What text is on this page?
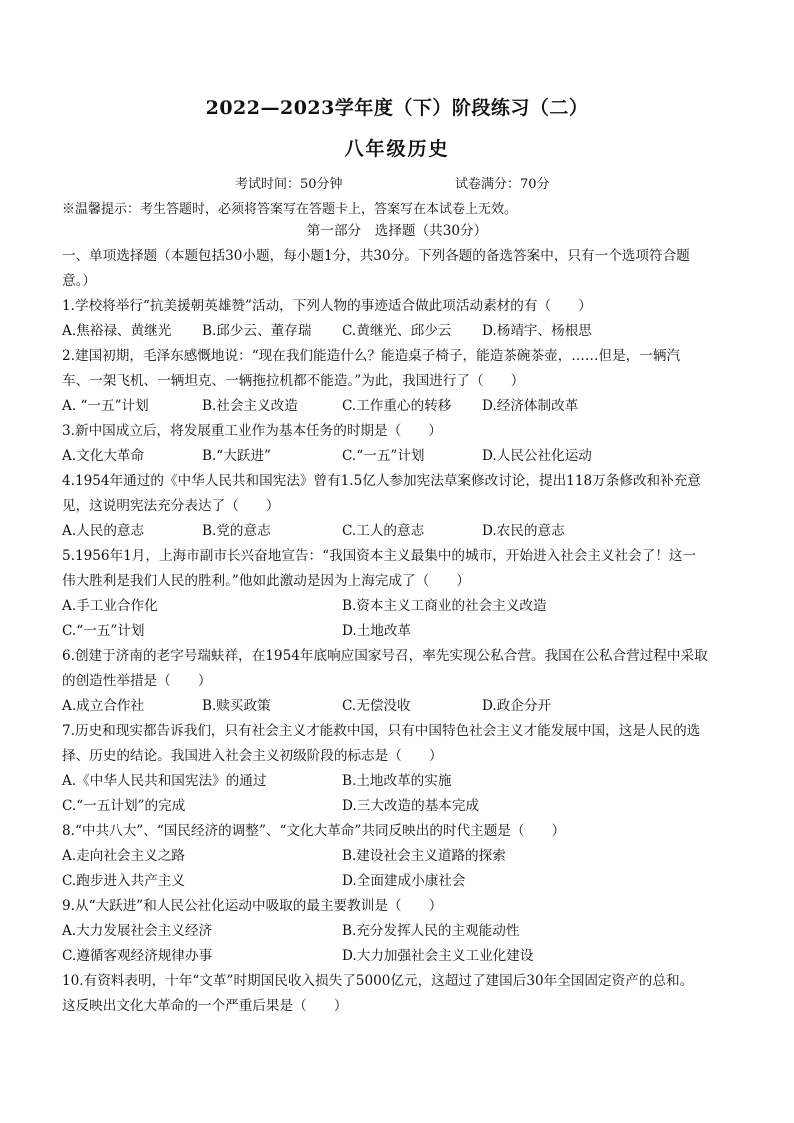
2022—2023学年度（下）阶段练习（二）
八年级历史
考试时间：50分钟	试卷满分：70分
※温馨提示：考生答题时，必须将答案写在答题卡上，答案写在本试卷上无效。
第一部分　选择题（共30分）
一、单项选择题（本题包括30小题，每小题1分，共30分。下列各题的备选答案中，只有一个选项符合题
意。）
1.学校将举行“抗美援朝英雄赞”活动，下列人物的事迹适合做此项活动素材的有（　　）
A.焦裕禄、黄继光	B.邱少云、董存瑞	C.黄继光、邱少云	D.杨靖宇、杨根思
2.建国初期，毛泽东感慨地说：“现在我们能造什么？能造桌子椅子，能造茶碗茶壶，……但是，一辆汽
车、一架飞机、一辆坦克、一辆拖拉机都不能造。”为此，我国进行了（　　）
A. “一五”计划	B.社会主义改造	C.工作重心的转移	D.经济体制改革
3.新中国成立后，将发展重工业作为基本任务的时期是（　　）
A.文化大革命	B.“大跃进”	C.“一五”计划	D.人民公社化运动
4.1954年通过的《中华人民共和国宪法》曾有1.5亿人参加宪法草案修改讨论，提出118万条修改和补充意
见，这说明宪法充分表达了（　　）
A.人民的意志	B.党的意志	C.工人的意志	D.农民的意志
5.1956年1月，上海市副市长兴奋地宣告：“我国资本主义最集中的城市，开始进入社会主义社会了！这一
伟大胜利是我们人民的胜利。”他如此激动是因为上海完成了（　　）
A.手工业合作化	B.资本主义工商业的社会主义改造
C.“一五”计划	D.土地改革
6.创建于济南的老字号瑞蚨祥，在1954年底响应国家号召，率先实现公私合营。我国在公私合营过程中采取
的创造性举措是（　　）
A.成立合作社	B.赎买政策	C.无偿没收	D.政企分开
7.历史和现实都告诉我们，只有社会主义才能救中国，只有中国特色社会主义才能发展中国，这是人民的选
择、历史的结论。我国进入社会主义初级阶段的标志是（　　）
A.《中华人民共和国宪法》的通过	B.土地改革的实施
C.“一五计划”的完成	D.三大改造的基本完成
8.“中共八大”、“国民经济的调整”、“文化大革命”共同反映出的时代主题是（　　）
A.走向社会主义之路	B.建设社会主义道路的探索
C.跑步进入共产主义	D.全面建成小康社会
9.从“大跃进”和人民公社化运动中吸取的最主要教训是（　　）
A.大力发展社会主义经济	B.充分发挥人民的主观能动性
C.遵循客观经济规律办事	D.大力加强社会主义工业化建设
10.有资料表明，十年“文革”时期国民收入损失了5000亿元，这超过了建国后30年全国固定资产的总和。
这反映出文化大革命的一个严重后果是（　　）
